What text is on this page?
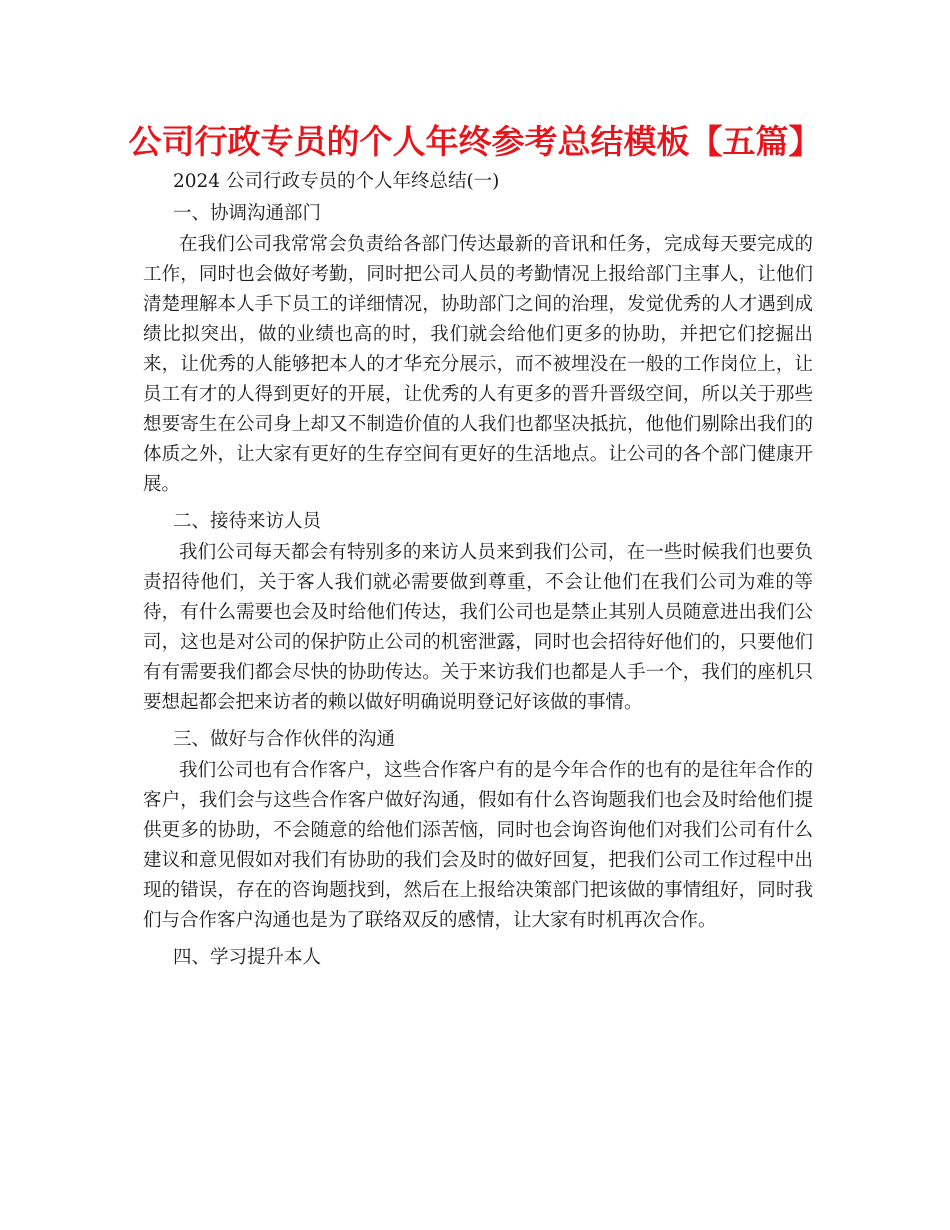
公司行政专员的个人年终参考总结模板【五篇】
2024 公司行政专员的个人年终总结(一)
一、协调沟通部门
在我们公司我常常会负责给各部门传达最新的音讯和任务，完成每天要完成的
工作，同时也会做好考勤，同时把公司人员的考勤情况上报给部门主事人，让他们
清楚理解本人手下员工的详细情况，协助部门之间的治理，发觉优秀的人才遇到成
绩比拟突出，做的业绩也高的时，我们就会给他们更多的协助，并把它们挖掘出
来，让优秀的人能够把本人的才华充分展示，而不被埋没在一般的工作岗位上，让
员工有才的人得到更好的开展，让优秀的人有更多的晋升晋级空间，所以关于那些
想要寄生在公司身上却又不制造价值的人我们也都坚决抵抗，他他们剔除出我们的
体质之外，让大家有更好的生存空间有更好的生活地点。让公司的各个部门健康开
展。
二、接待来访人员
我们公司每天都会有特别多的来访人员来到我们公司，在一些时候我们也要负
责招待他们，关于客人我们就必需要做到尊重，不会让他们在我们公司为难的等
待，有什么需要也会及时给他们传达，我们公司也是禁止其别人员随意进出我们公
司，这也是对公司的保护防止公司的机密泄露，同时也会招待好他们的，只要他们
有有需要我们都会尽快的协助传达。关于来访我们也都是人手一个，我们的座机只
要想起都会把来访者的赖以做好明确说明登记好该做的事情。
三、做好与合作伙伴的沟通
我们公司也有合作客户，这些合作客户有的是今年合作的也有的是往年合作的
客户，我们会与这些合作客户做好沟通，假如有什么咨询题我们也会及时给他们提
供更多的协助，不会随意的给他们添苦恼，同时也会询咨询他们对我们公司有什么
建议和意见假如对我们有协助的我们会及时的做好回复，把我们公司工作过程中出
现的错误，存在的咨询题找到，然后在上报给决策部门把该做的事情组好，同时我
们与合作客户沟通也是为了联络双反的感情，让大家有时机再次合作。
四、学习提升本人
